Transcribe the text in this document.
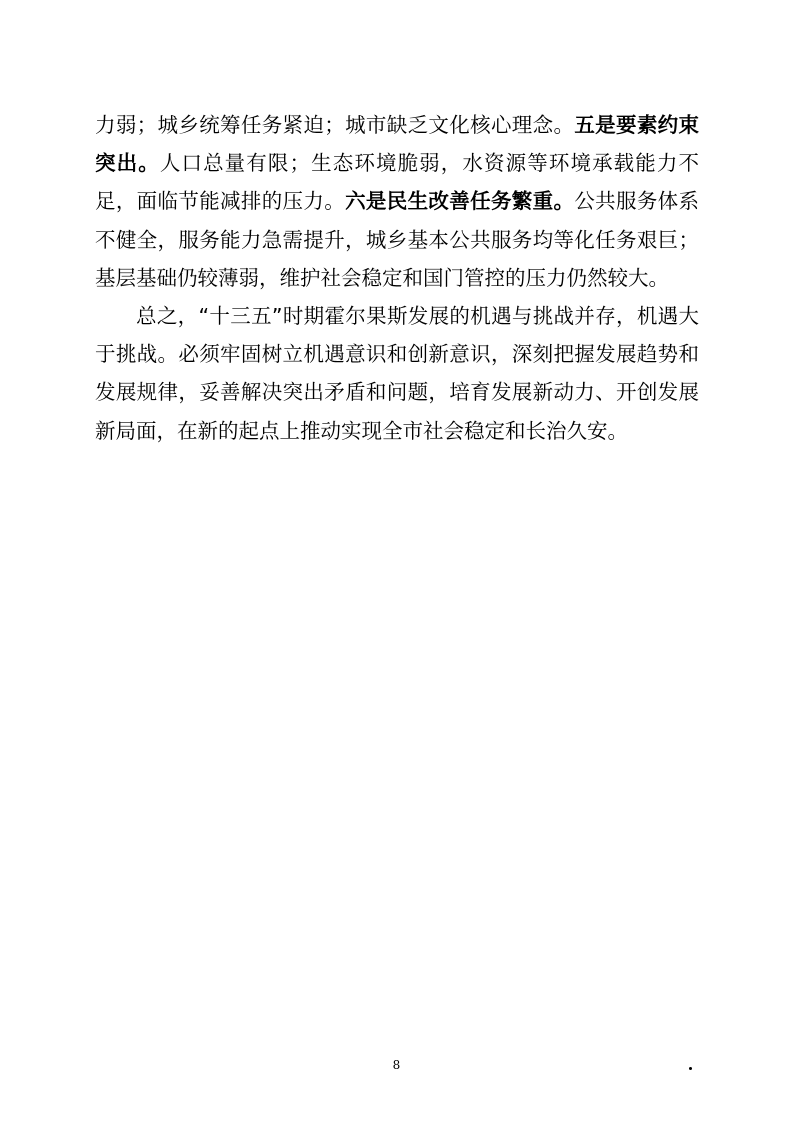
力弱；城乡统筹任务紧迫；城市缺乏文化核心理念。五是要素约束突出。人口总量有限；生态环境脆弱，水资源等环境承载能力不足，面临节能减排的压力。六是民生改善任务繁重。公共服务体系不健全，服务能力急需提升，城乡基本公共服务均等化任务艰巨；基层基础仍较薄弱，维护社会稳定和国门管控的压力仍然较大。

总之，“十三五”时期霍尔果斯发展的机遇与挑战并存，机遇大于挑战。必须牢固树立机遇意识和创新意识，深刻把握发展趋势和发展规律，妥善解决突出矛盾和问题，培育发展新动力、开创发展新局面，在新的起点上推动实现全市社会稳定和长治久安。

8
